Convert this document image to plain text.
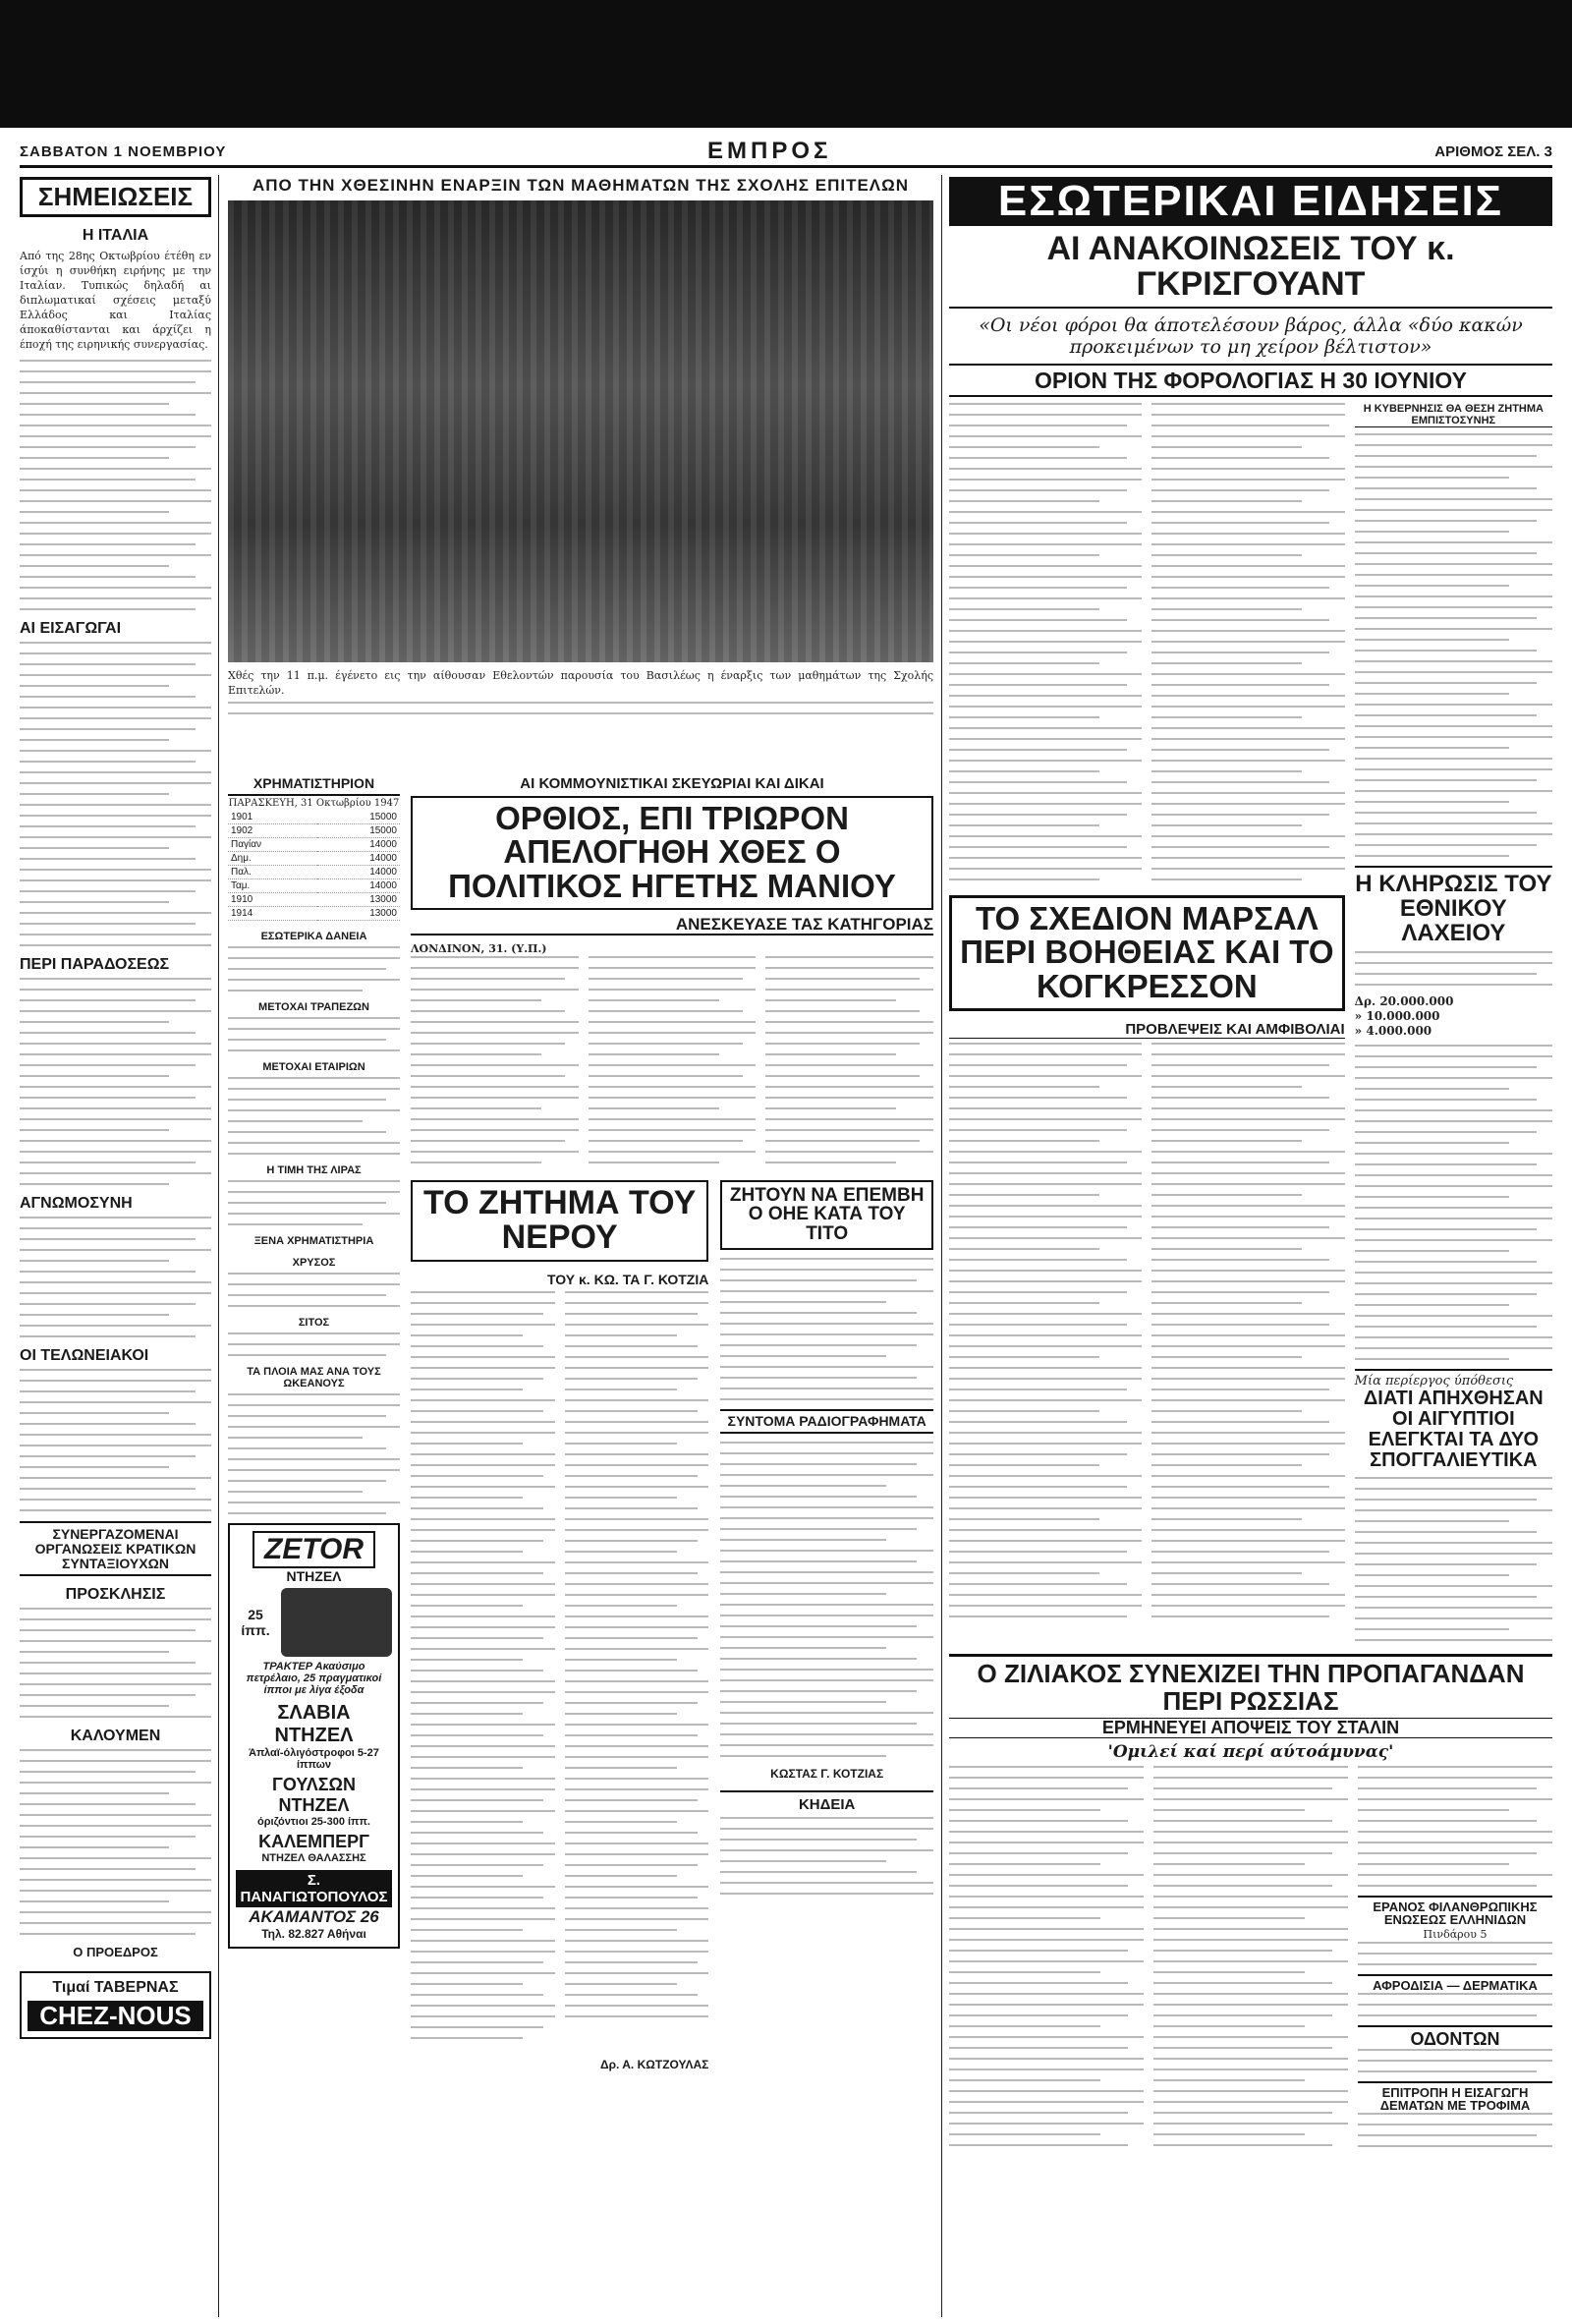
ΣΑΒΒΑΤΟΝ 1 ΝΟΕΜΒΡΙΟΥ	ΕΜΠΡΟΣ	ΑΡΙΘΜΟΣ ΣΕΛ. 3
ΣΗΜΕΙΩΣΕΙΣ
Η ΙΤΑΛΙΑ
Από της 28ης Οκτωβρίου έτέθη εν ίσχύι η συνθήκη ειρήνης με την Ιταλίαν. Τυπικώς δηλαδή αι διπλωματικαί σχέσεις μεταξύ Ελλάδος και Ιταλίας άποκαθίστανται και άρχίζει η έποχή της ειρηνικής συνεργασίας.
ΑΙ ΕΙΣΑΓΩΓΑΙ
ΠΕΡΙ ΠΑΡΑΔΟΣΕΩΣ
ΑΓΝΩΜΟΣΥΝΗ
ΟΙ ΤΕΛΩΝΕΙΑΚΟΙ
ΣΥΝΕΡΓΑΖΟΜΕΝΑΙ ΟΡΓΑΝΩΣΕΙΣ ΚΡΑΤΙΚΩΝ ΣΥΝΤΑΞΙΟΥΧΩΝ
ΠΡΟΣΚΛΗΣΙΣ
ΚΑΛΟΥΜΕΝ
Ο ΠΡΟΕΔΡΟΣ
Τιμαί ΤΑΒΕΡΝΑΣ
CHEZ-NOUS
ΑΠΟ ΤΗΝ ΧΘΕΣΙΝΗΝ ΕΝΑΡΞΙΝ ΤΩΝ ΜΑΘΗΜΑΤΩΝ ΤΗΣ ΣΧΟΛΗΣ ΕΠΙΤΕΛΩΝ
Χθές την 11 π.μ. έγένετο εις την αίθουσαν Εθελοντών παρουσία του Βασιλέως η έναρξις των μαθημάτων της Σχολής Επιτελών.
ΧΡΗΜΑΤΙΣΤΗΡΙΟΝ
ΠΑΡΑΣΚΕΥΗ, 31 Οκτωβρίου 1947
1901	15000
1902	15000
Παγίαν	14000
Δημ.	14000
Παλ.	14000
Ταμ.	14000
1910	13000
1914	13000
ΕΣΩΤΕΡΙΚΑ ΔΑΝΕΙΑ
ΜΕΤΟΧΑΙ ΤΡΑΠΕΖΩΝ
ΜΕΤΟΧΑΙ ΕΤΑΙΡΙΩΝ
Η ΤΙΜΗ ΤΗΣ ΛΙΡΑΣ
ΞΕΝΑ ΧΡΗΜΑΤΙΣΤΗΡΙΑ
ΧΡΥΣΟΣ
ΣΙΤΟΣ
ΤΑ ΠΛΟΙΑ ΜΑΣ ΑΝΑ ΤΟΥΣ ΩΚΕΑΝΟΥΣ
ZETOR
ΝΤΗΖΕΛ
25 ίππ.
ΤΡΑΚΤΕΡ Ακαύσιμο πετρέλαιο, 25 πραγματικοί ίπποι με λίγα έξοδα
ΣΛΑΒΙΑ ΝΤΗΖΕΛ
Άπλαϊ-όλιγόστροφοι 5-27 ίππων
ΓΟΥΛΣΩΝ ΝΤΗΖΕΛ
όριζόντιοι 25-300 ίππ.
ΚΑΛΕΜΠΕΡΓ
ΝΤΗΖΕΛ ΘΑΛΑΣΣΗΣ
Σ. ΠΑΝΑΓΙΩΤΟΠΟΥΛΟΣ
ΑΚΑΜΑΝΤΟΣ 26
Τηλ. 82.827 Αθήναι
ΑΙ ΚΟΜΜΟΥΝΙΣΤΙΚΑΙ ΣΚΕΥΩΡΙΑΙ ΚΑΙ ΔΙΚΑΙ
ΟΡΘΙΟΣ, ΕΠΙ ΤΡΙΩΡΟΝ ΑΠΕΛΟΓΗΘΗ ΧΘΕΣ Ο ΠΟΛΙΤΙΚΟΣ ΗΓΕΤΗΣ ΜΑΝΙΟΥ
ΑΝΕΣΚΕΥΑΣΕ ΤΑΣ ΚΑΤΗΓΟΡΙΑΣ
ΛΟΝΔΙΝΟΝ, 31. (Υ.Π.)
ΤΟ ΖΗΤΗΜΑ ΤΟΥ ΝΕΡΟΥ
ΤΟΥ κ. ΚΩ. ΤΑ Γ. ΚΟΤΖΙΑ
Δρ. Α. ΚΩΤΖΟΥΛΑΣ
ΖΗΤΟΥΝ ΝΑ ΕΠΕΜΒΗ Ο ΟΗΕ ΚΑΤΑ ΤΟΥ ΤΙΤΟ
ΣΥΝΤΟΜΑ ΡΑΔΙΟΓΡΑΦΗΜΑΤΑ
ΚΩΣΤΑΣ Γ. ΚΟΤΖΙΑΣ
ΚΗΔΕΙΑ
ΕΣΩΤΕΡΙΚΑΙ ΕΙΔΗΣΕΙΣ
ΑΙ ΑΝΑΚΟΙΝΩΣΕΙΣ ΤΟΥ κ. ΓΚΡΙΣΓΟΥΑΝΤ
«Οι νέοι φόροι θα άποτελέσουν βάρος, άλλα «δύο κακών προκειμένων το μη χείρον βέλτιστον»
ΟΡΙΟΝ ΤΗΣ ΦΟΡΟΛΟΓΙΑΣ Η 30 ΙΟΥΝΙΟΥ
ΤΟ ΣΧΕΔΙΟΝ ΜΑΡΣΑΛ ΠΕΡΙ ΒΟΗΘΕΙΑΣ ΚΑΙ ΤΟ ΚΟΓΚΡΕΣΣΟΝ
ΠΡΟΒΛΕΨΕΙΣ ΚΑΙ ΑΜΦΙΒΟΛΙΑΙ
Η ΚΥΒΕΡΝΗΣΙΣ ΘΑ ΘΕΣΗ ΖΗΤΗΜΑ ΕΜΠΙΣΤΟΣΥΝΗΣ
Η ΚΛΗΡΩΣΙΣ ΤΟΥ ΕΘΝΙΚΟΥ ΛΑΧΕΙΟΥ
Δρ. 20.000.000
» 10.000.000
» 4.000.000
Μία περίεργος ύπόθεσις
ΔΙΑΤΙ ΑΠΗΧΘΗΣΑΝ ΟΙ ΑΙΓΥΠΤΙΟΙ ΕΛΕΓΚΤΑΙ ΤΑ ΔΥΟ ΣΠΟΓΓΑΛΙΕΥΤΙΚΑ
Ο ΖΙΛΙΑΚΟΣ ΣΥΝΕΧΙΖΕΙ ΤΗΝ ΠΡΟΠΑΓΑΝΔΑΝ ΠΕΡΙ ΡΩΣΣΙΑΣ
ΕΡΜΗΝΕΥΕΙ ΑΠΟΨΕΙΣ ΤΟΥ ΣΤΑΛΙΝ
'Ομιλεί καί περί αύτοάμυνας'
ΕΡΑΝΟΣ ΦΙΛΑΝΘΡΩΠΙΚΗΣ ΕΝΩΣΕΩΣ ΕΛΛΗΝΙΔΩΝ
Πινδάρου 5
ΑΦΡΟΔΙΣΙΑ — ΔΕΡΜΑΤΙΚΑ
ΟΔΟΝΤΩΝ
ΕΠΙΤΡΟΠΗ Η ΕΙΣΑΓΩΓΗ ΔΕΜΑΤΩΝ ΜΕ ΤΡΟΦΙΜΑ
